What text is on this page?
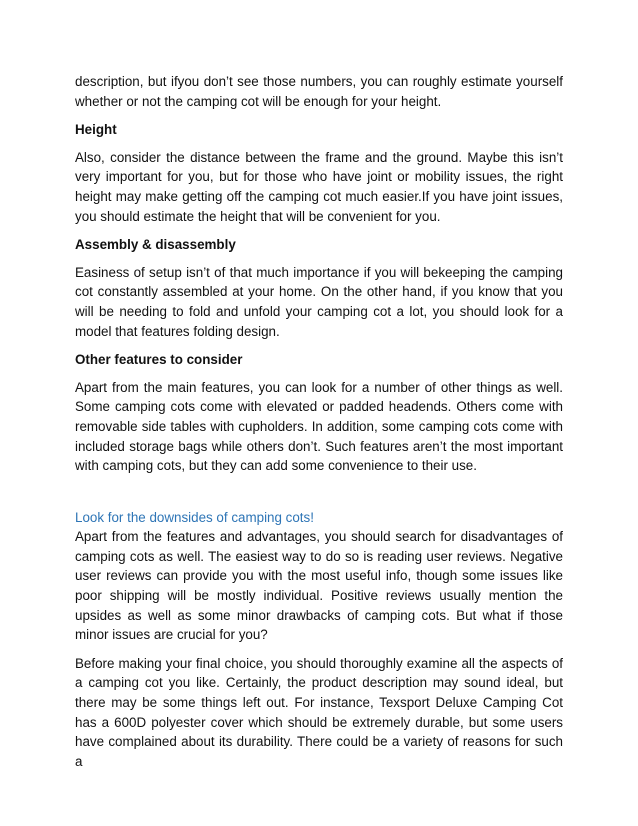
description, but ifyou don’t see those numbers, you can roughly estimate yourself whether or not the camping cot will be enough for your height.

Height

Also, consider the distance between the frame and the ground. Maybe this isn’t very important for you, but for those who have joint or mobility issues, the right height may make getting off the camping cot much easier.If you have joint issues, you should estimate the height that will be convenient for you.

Assembly & disassembly

Easiness of setup isn’t of that much importance if you will bekeeping the camping cot constantly assembled at your home. On the other hand, if you know that you will be needing to fold and unfold your camping cot a lot, you should look for a model that features folding design.

Other features to consider

Apart from the main features, you can look for a number of other things as well. Some camping cots come with elevated or padded headends. Others come with removable side tables with cupholders. In addition, some camping cots come with included storage bags while others don’t. Such features aren’t the most important with camping cots, but they can add some convenience to their use.

Look for the downsides of camping cots!

Apart from the features and advantages, you should search for disadvantages of camping cots as well. The easiest way to do so is reading user reviews. Negative user reviews can provide you with the most useful info, though some issues like poor shipping will be mostly individual. Positive reviews usually mention the upsides as well as some minor drawbacks of camping cots. But what if those minor issues are crucial for you?

Before making your final choice, you should thoroughly examine all the aspects of a camping cot you like. Certainly, the product description may sound ideal, but there may be some things left out. For instance, Texsport Deluxe Camping Cot has a 600D polyester cover which should be extremely durable, but some users have complained about its durability. There could be a variety of reasons for such a
